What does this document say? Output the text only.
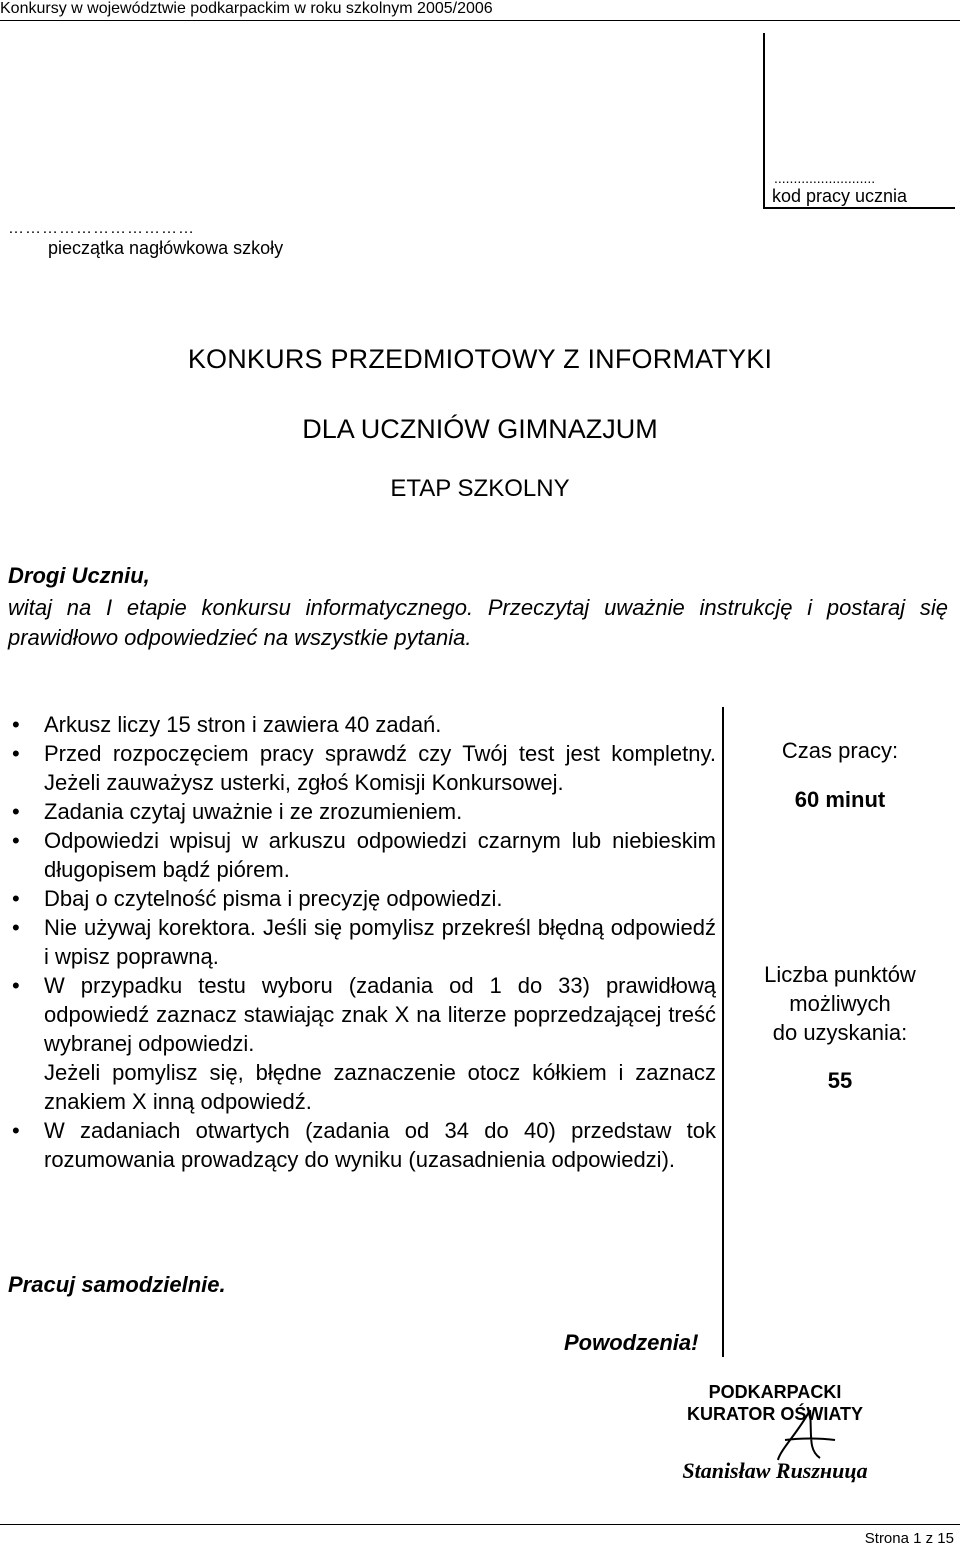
Konkursy w województwie podkarpackim w roku szkolnym 2005/2006
..........................
kod pracy ucznia
……………………………
pieczątka nagłówkowa szkoły
KONKURS PRZEDMIOTOWY Z INFORMATYKI
DLA UCZNIÓW GIMNAZJUM
ETAP SZKOLNY
Drogi Uczniu,
witaj na I etapie konkursu informatycznego. Przeczytaj uważnie instrukcję i postaraj się prawidłowo odpowiedzieć na wszystkie pytania.
• Arkusz liczy 15 stron i zawiera 40 zadań.
• Przed rozpoczęciem pracy sprawdź czy Twój test jest kompletny. Jeżeli zauważysz usterki, zgłoś Komisji Konkursowej.
• Zadania czytaj uważnie i ze zrozumieniem.
• Odpowiedzi wpisuj w arkuszu odpowiedzi czarnym lub niebieskim długopisem bądź piórem.
• Dbaj o czytelność pisma i precyzję odpowiedzi.
• Nie używaj korektora. Jeśli się pomylisz przekreśl błędną odpowiedź i wpisz poprawną.
• W przypadku testu wyboru (zadania od 1 do 33) prawidłową odpowiedź zaznacz stawiając znak X na literze poprzedzającej treść wybranej odpowiedzi.
Jeżeli pomylisz się, błędne zaznaczenie otocz kółkiem i zaznacz znakiem X inną odpowiedź.
• W zadaniach otwartych (zadania od 34 do 40) przedstaw tok rozumowania prowadzący do wyniku (uzasadnienia odpowiedzi).
Czas pracy:
60 minut
Liczba punktów
możliwych
do uzyskania:
55
Pracuj samodzielnie.
Powodzenia!
PODKARPACKI
KURATOR OŚWIATY
Stanisław Ruszница
Strona 1 z 15
